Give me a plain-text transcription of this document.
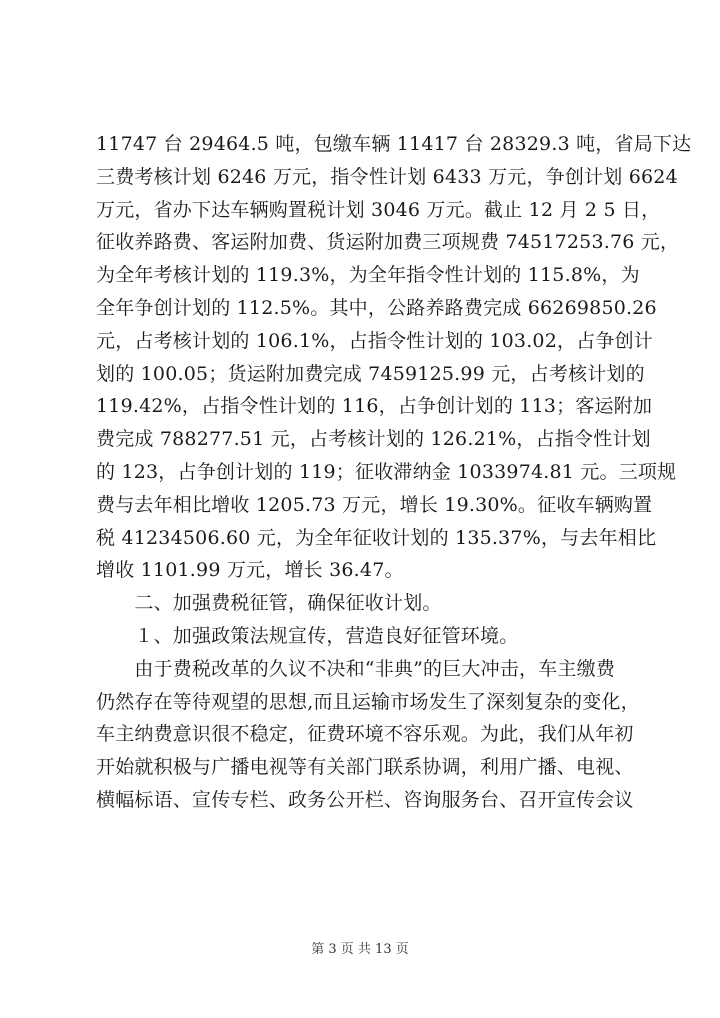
11747 台 29464.5 吨，包缴车辆 11417 台 28329.3 吨，省局下达
三费考核计划 6246 万元，指令性计划 6433 万元，争创计划 6624
万元，省办下达车辆购置税计划 3046 万元。截止 12 月 2 5 日，
征收养路费、客运附加费、货运附加费三项规费 74517253.76 元，
为全年考核计划的 119.3%，为全年指令性计划的 115.8%，为
全年争创计划的 112.5%。其中，公路养路费完成 66269850.26
元，占考核计划的 106.1%，占指令性计划的 103.02，占争创计
划的 100.05；货运附加费完成 7459125.99 元，占考核计划的
119.42%，占指令性计划的 116，占争创计划的 113；客运附加
费完成 788277.51 元，占考核计划的 126.21%，占指令性计划
的 123，占争创计划的 119；征收滞纳金 1033974.81 元。三项规
费与去年相比增收 1205.73 万元，增长 19.30%。征收车辆购置
税 41234506.60 元，为全年征收计划的 135.37%，与去年相比
增收 1101.99 万元，增长 36.47。
　　二、加强费税征管，确保征收计划。
　　１、加强政策法规宣传，营造良好征管环境。
　　由于费税改革的久议不决和“非典”的巨大冲击，车主缴费
仍然存在等待观望的思想,而且运输市场发生了深刻复杂的变化，
车主纳费意识很不稳定，征费环境不容乐观。为此，我们从年初
开始就积极与广播电视等有关部门联系协调，利用广播、电视、
横幅标语、宣传专栏、政务公开栏、咨询服务台、召开宣传会议
第 3 页 共 13 页
